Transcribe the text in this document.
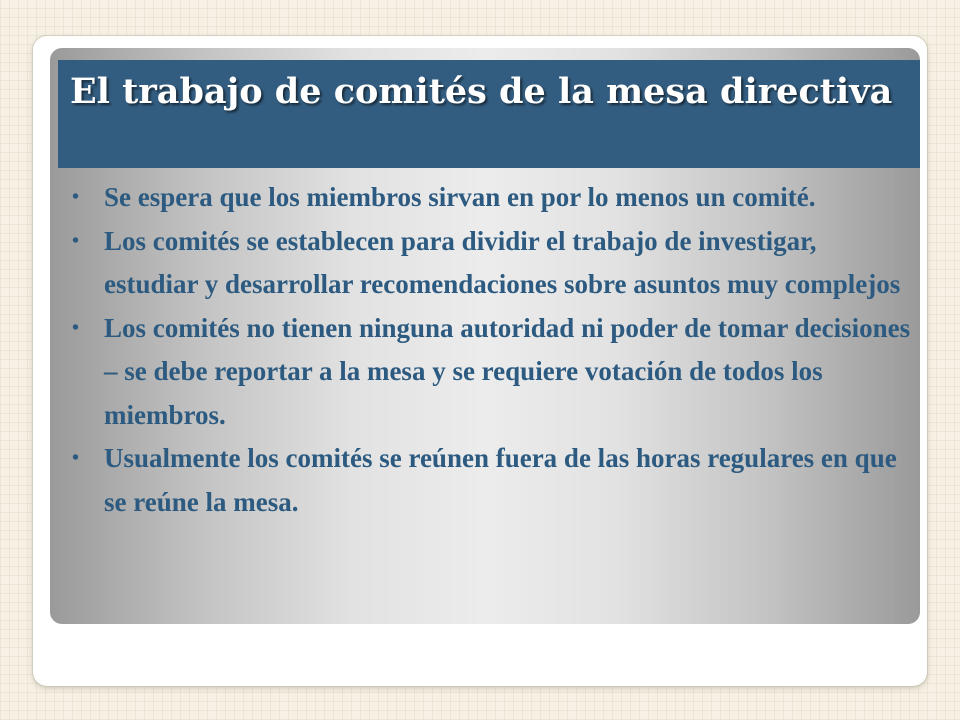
El trabajo de comités de la mesa directiva
• Se espera que los miembros sirvan en por lo menos un comité.
• Los comités se establecen para dividir el trabajo de investigar, estudiar y desarrollar recomendaciones sobre asuntos muy complejos
• Los comités no tienen ninguna autoridad ni poder de tomar decisiones – se debe reportar a la mesa y se requiere votación de todos los miembros.
• Usualmente los comités se reúnen fuera de las horas regulares en que se reúne la mesa.
